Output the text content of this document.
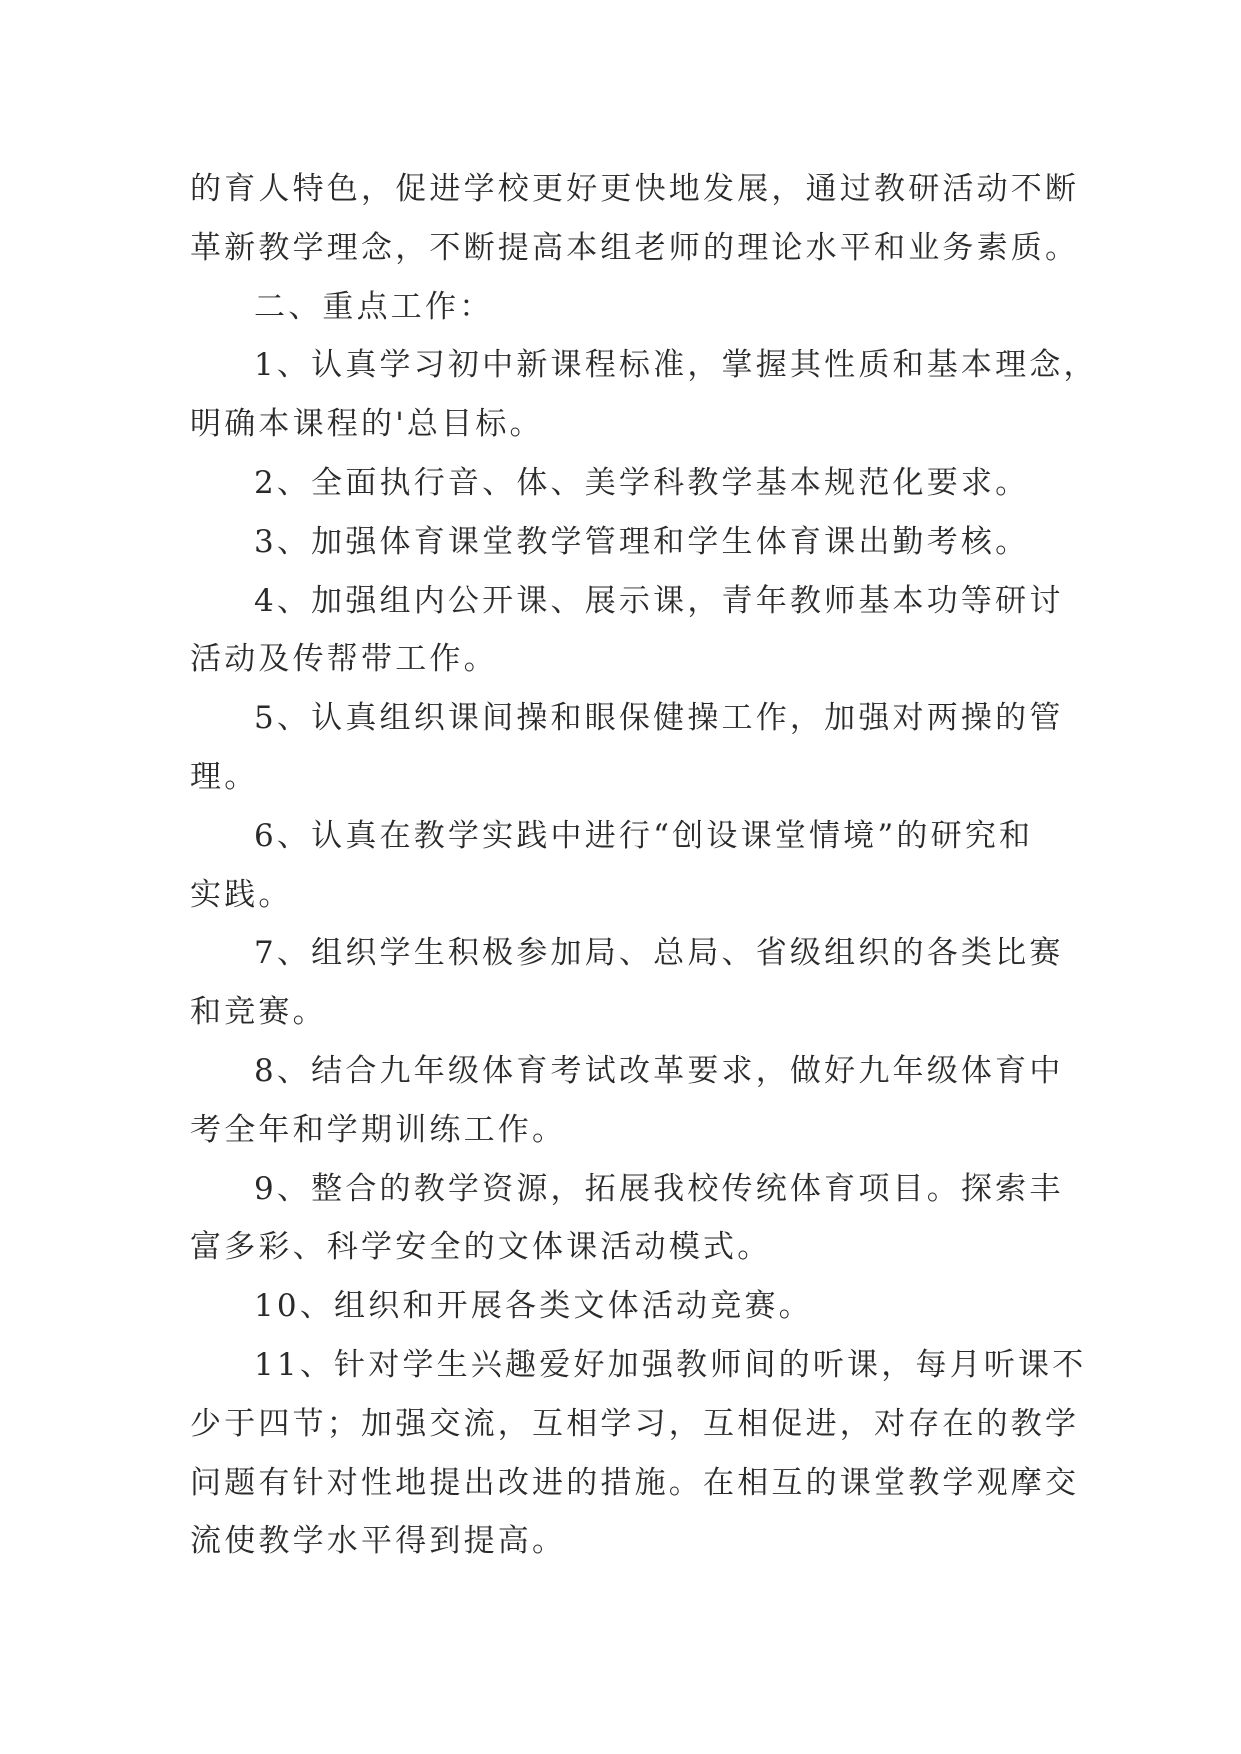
的育人特色，促进学校更好更快地发展，通过教研活动不断

革新教学理念，不断提高本组老师的理论水平和业务素质。

二、重点工作：

1、认真学习初中新课程标准，掌握其性质和基本理念，

明确本课程的'总目标。

2、全面执行音、体、美学科教学基本规范化要求。

3、加强体育课堂教学管理和学生体育课出勤考核。

4、加强组内公开课、展示课，青年教师基本功等研讨

活动及传帮带工作。

5、认真组织课间操和眼保健操工作，加强对两操的管

理。

6、认真在教学实践中进行“创设课堂情境”的研究和

实践。

7、组织学生积极参加局、总局、省级组织的各类比赛

和竞赛。

8、结合九年级体育考试改革要求，做好九年级体育中

考全年和学期训练工作。

9、整合的教学资源，拓展我校传统体育项目。探索丰

富多彩、科学安全的文体课活动模式。

10、组织和开展各类文体活动竞赛。

11、针对学生兴趣爱好加强教师间的听课，每月听课不

少于四节；加强交流，互相学习，互相促进，对存在的教学

问题有针对性地提出改进的措施。在相互的课堂教学观摩交

流使教学水平得到提高。
